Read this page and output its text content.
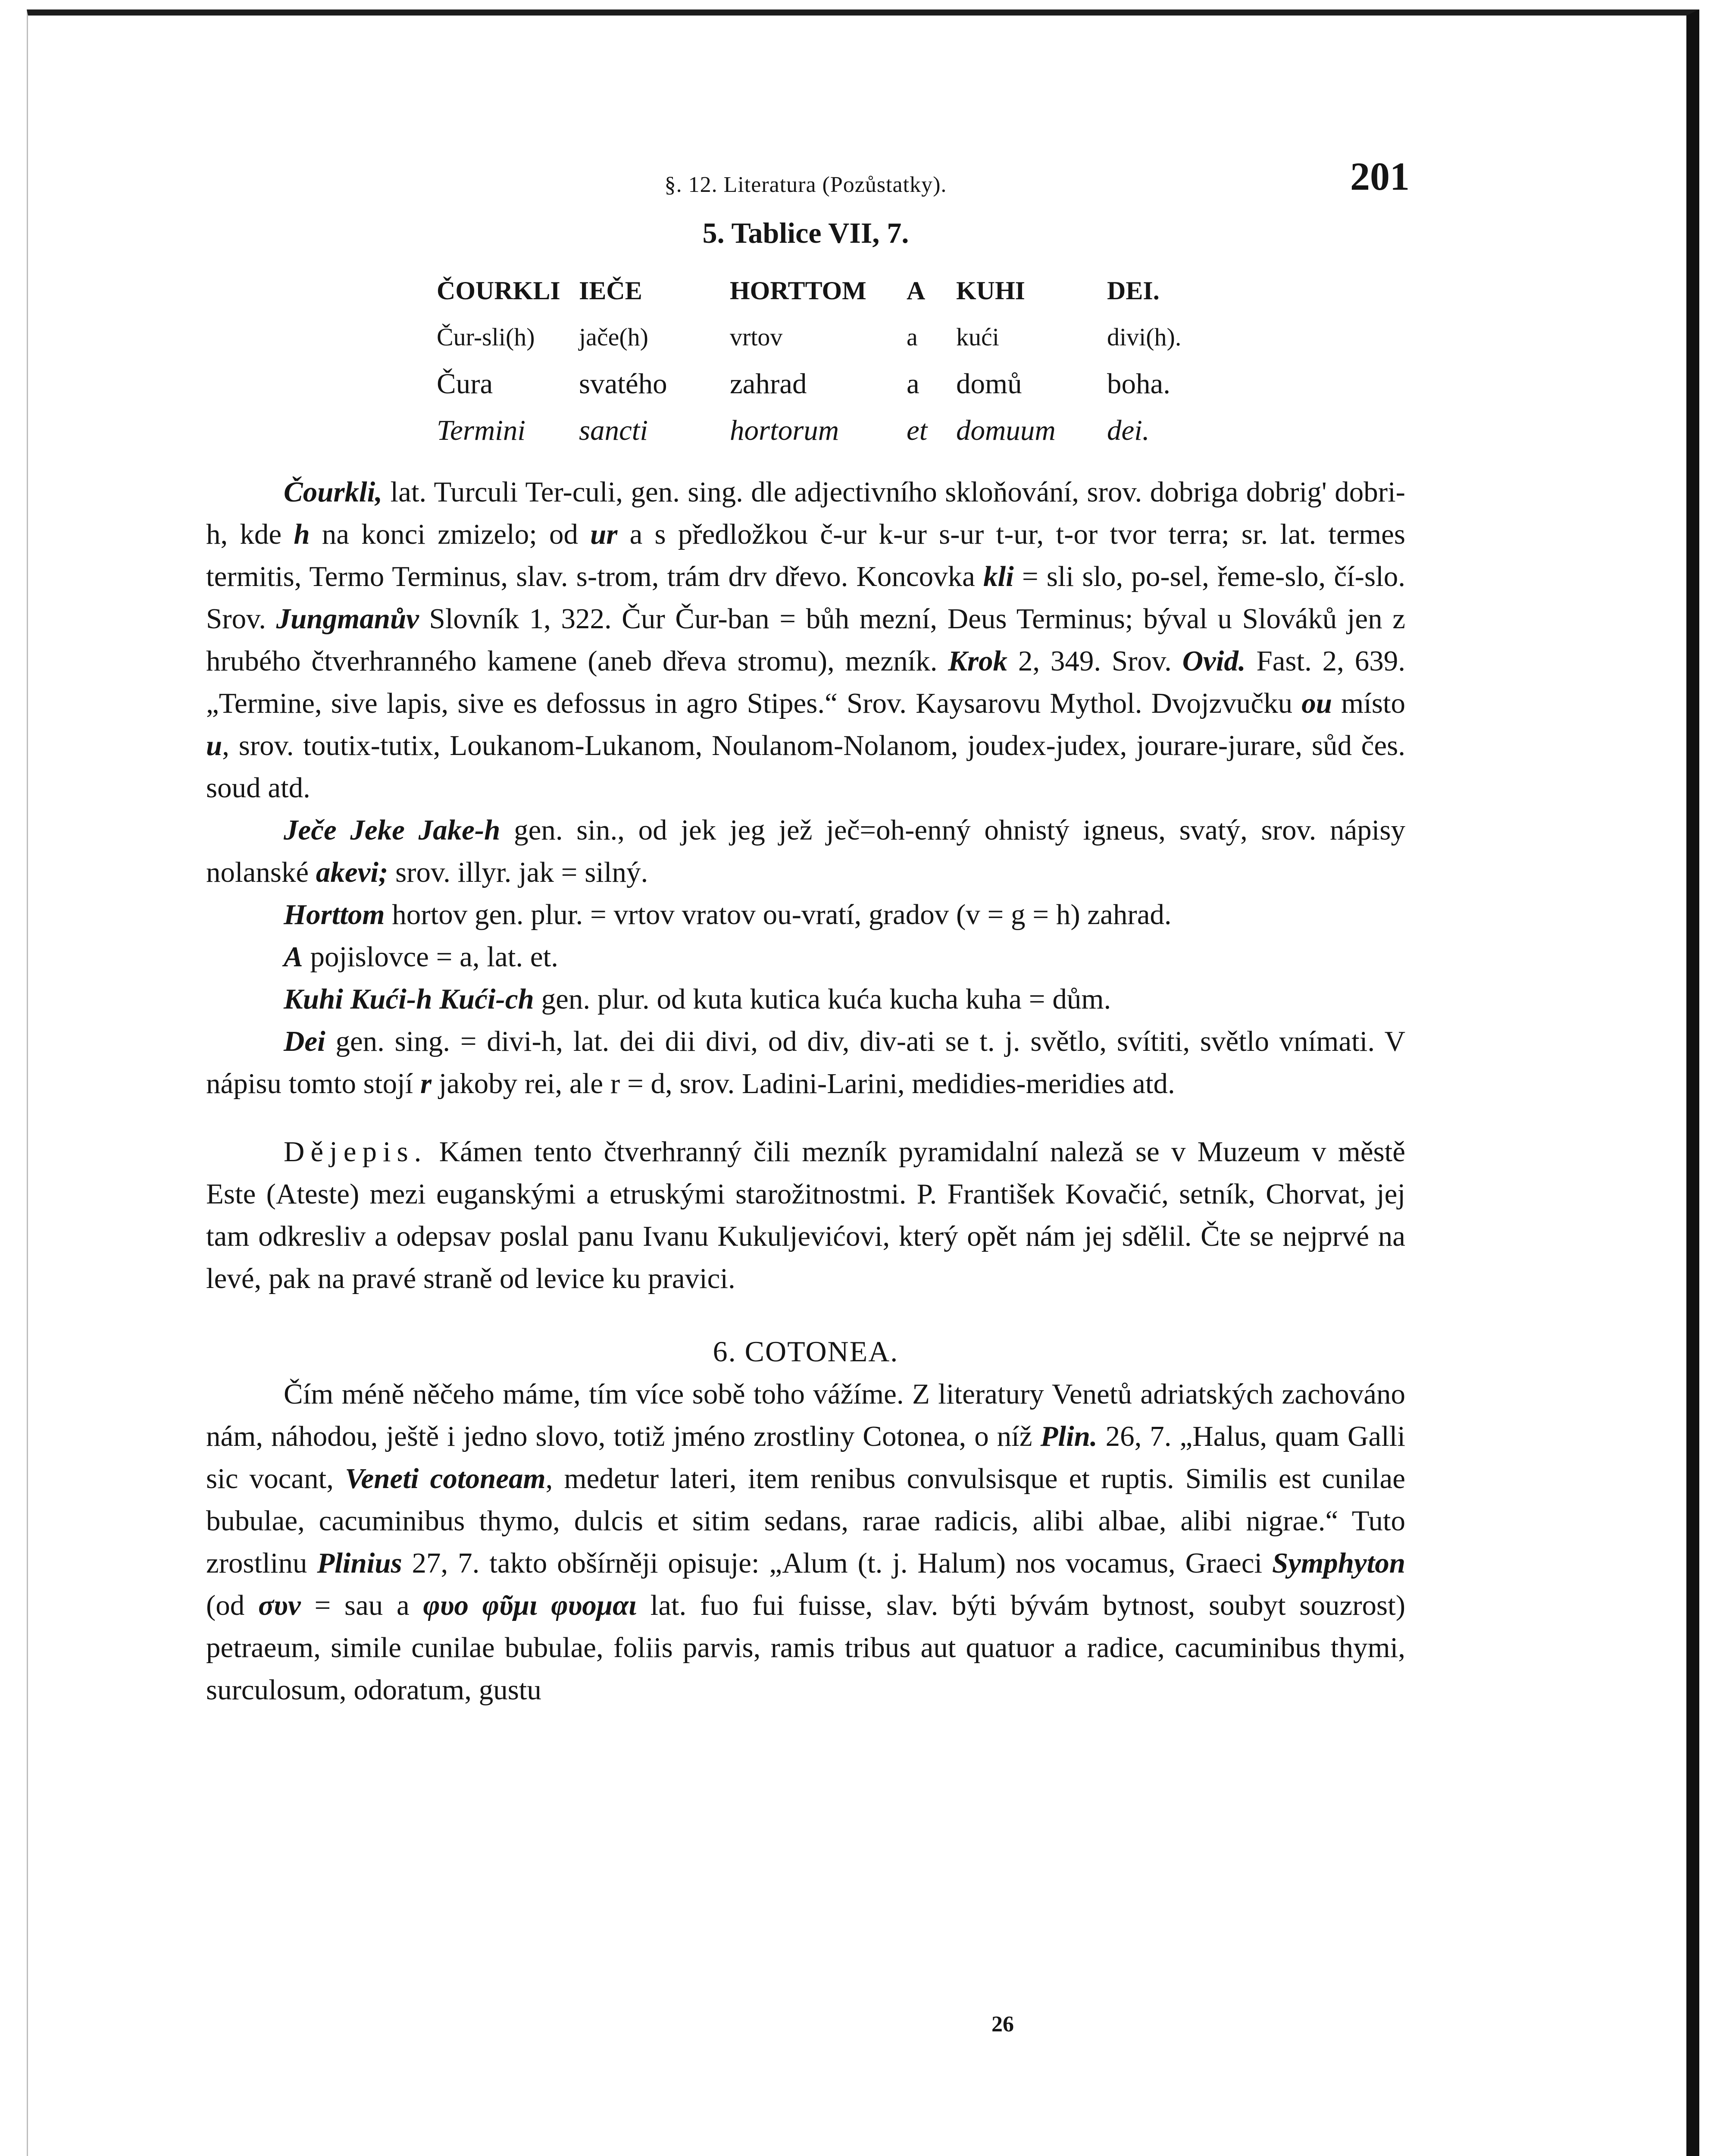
§. 12. Literatura (Pozůstatky).	201
5. Tablice VII, 7.
ČOURKLI	IEČE	HORTTOM	A	KUHI	DEI.
Čur-sli(h)	jače(h)	vrtov	a	kući	divi(h).
Čura	svatého	zahrad	a	domů	boha.
Termini	sancti	hortorum	et	domuum	dei.

Čourkli, lat. Turculi Ter-culi, gen. sing. dle adjectivního skloňování, srov. dobriga dobrig' dobri-h, kde h na konci zmizelo; od ur a s předložkou č-ur k-ur s-ur t-ur, t-or tvor terra; sr. lat. termes termitis, Termo Terminus, slav. s-trom, trám drv dřevo. Koncovka kli = sli slo, po-sel, řeme-slo, čí-slo. Srov. Jungmanův Slovník 1, 322. Čur Čur-ban = bůh mezní, Deus Terminus; býval u Slováků jen z hrubého čtverhranného kamene (aneb dřeva stromu), mezník. Krok 2, 349. Srov. Ovid. Fast. 2, 639. „Termine, sive lapis, sive es defossus in agro Stipes.“ Srov. Kaysarovu Mythol. Dvojzvučku ou místo u, srov. toutix-tutix, Loukanom-Lukanom, Noulanom-Nolanom, joudex-judex, jourare-jurare, sůd čes. soud atd.

Ječe Jeke Jake-h gen. sin., od jek jeg jež ječ=oh-enný ohnistý igneus, svatý, srov. nápisy nolanské akevi; srov. illyr. jak = silný.

Horttom hortov gen. plur. = vrtov vratov ou-vratí, gradov (v = g = h) zahrad.

A pojislovce = a, lat. et.

Kuhi Kući-h Kući-ch gen. plur. od kuta kutica kuća kucha kuha = dům.

Dei gen. sing. = divi-h, lat. dei dii divi, od div, div-ati se t. j. světlo, svítiti, světlo vnímati. V nápisu tomto stojí r jakoby rei, ale r = d, srov. Ladini-Larini, medidies-meridies atd.

Dějepis. Kámen tento čtverhranný čili mezník pyramidalní naleză se v Muzeum v městě Este (Ateste) mezi euganskými a etruskými starožitnostmi. P. František Kovačić, setník, Chorvat, jej tam odkresliv a odepsav poslal panu Ivanu Kukuljevićovi, který opět nám jej sdělil. Čte se nejprvé na levé, pak na pravé straně od levice ku pravici.

6. COTONEA.

Čím méně něčeho máme, tím více sobě toho vážíme. Z literatury Venetů adriatských zachováno nám, náhodou, ještě i jedno slovo, totiž jméno zrostliny Cotonea, o níž Plin. 26, 7. „Halus, quam Galli sic vocant, Veneti cotoneam, medetur lateri, item renibus convulsisque et ruptis. Similis est cunilae bubulae, cacuminibus thymo, dulcis et sitim sedans, rarae radicis, alibi albae, alibi nigrae.“ Tuto zrostlinu Plinius 27, 7. takto obšírněji opisuje: „Alum (t. j. Halum) nos vocamus, Graeci Symphyton (od συν = sau a φυο φῦμι φυομαι lat. fuo fui fuisse, slav. býti bývám bytnost, soubyt souzrost) petraeum, simile cunilae bubulae, foliis parvis, ramis tribus aut quatuor a radice, cacuminibus thymi, surculosum, odoratum, gustu

26
